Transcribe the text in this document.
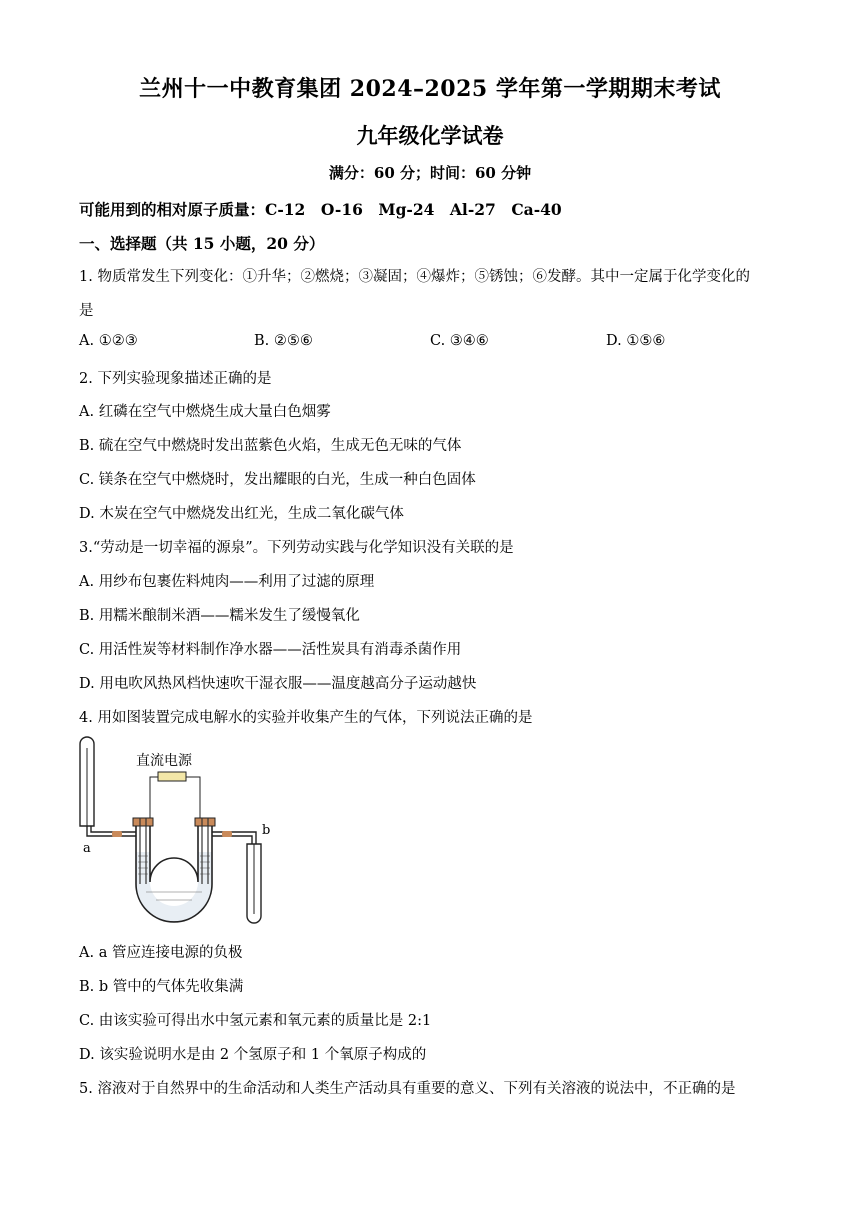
兰州十一中教育集团 2024–2025 学年第一学期期末考试
九年级化学试卷
满分：60 分；时间：60 分钟
可能用到的相对原子质量：C-12　O-16　Mg-24　Al-27　Ca-40
一、选择题（共 15 小题，20 分）
1. 物质常发生下列变化：①升华；②燃烧；③凝固；④爆炸；⑤锈蚀；⑥发酵。其中一定属于化学变化的
是
A. ①②③	B. ②⑤⑥	C. ③④⑥	D. ①⑤⑥
2. 下列实验现象描述正确的是
A. 红磷在空气中燃烧生成大量白色烟雾
B. 硫在空气中燃烧时发出蓝紫色火焰，生成无色无味的气体
C. 镁条在空气中燃烧时，发出耀眼的白光，生成一种白色固体
D. 木炭在空气中燃烧发出红光，生成二氧化碳气体
3.“劳动是一切幸福的源泉”。下列劳动实践与化学知识没有关联的是
A. 用纱布包裹佐料炖肉——利用了过滤的原理
B. 用糯米酿制米酒——糯米发生了缓慢氧化
C. 用活性炭等材料制作净水器——活性炭具有消毒杀菌作用
D. 用电吹风热风档快速吹干湿衣服——温度越高分子运动越快
4. 用如图装置完成电解水的实验并收集产生的气体，下列说法正确的是
直流电源
a
b
A. a 管应连接电源的负极
B. b 管中的气体先收集满
C. 由该实验可得出水中氢元素和氧元素的质量比是 2:1
D. 该实验说明水是由 2 个氢原子和 1 个氧原子构成的
5. 溶液对于自然界中的生命活动和人类生产活动具有重要的意义、下列有关溶液的说法中，不正确的是
